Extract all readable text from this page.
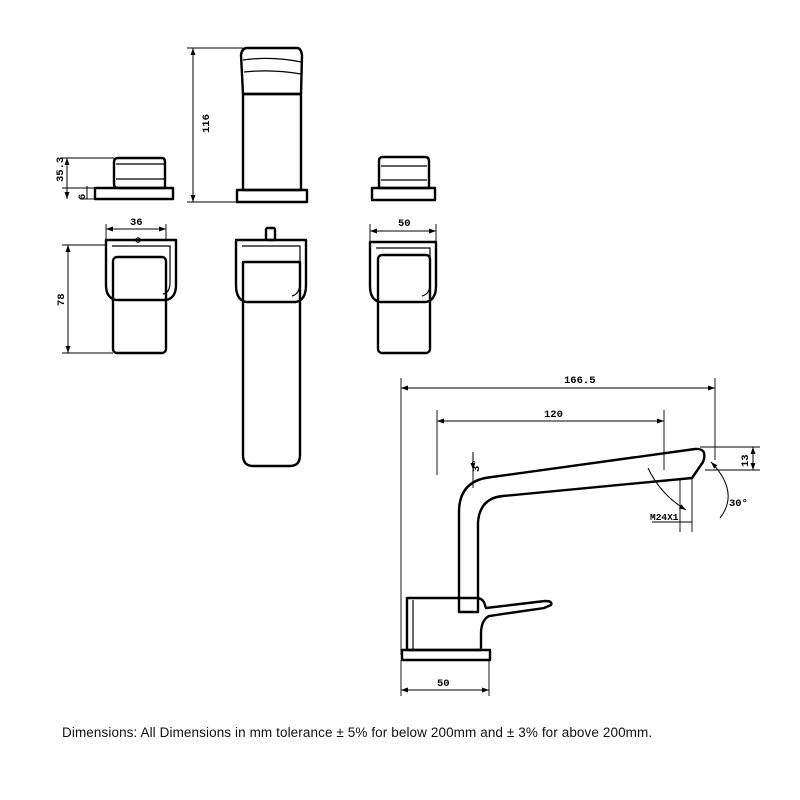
35.3
6
116
36
78
50
166.5
120
13
3°
30°
M24X1
50
Dimensions: All Dimensions in mm tolerance ± 5% for below 200mm and ± 3% for above 200mm.
